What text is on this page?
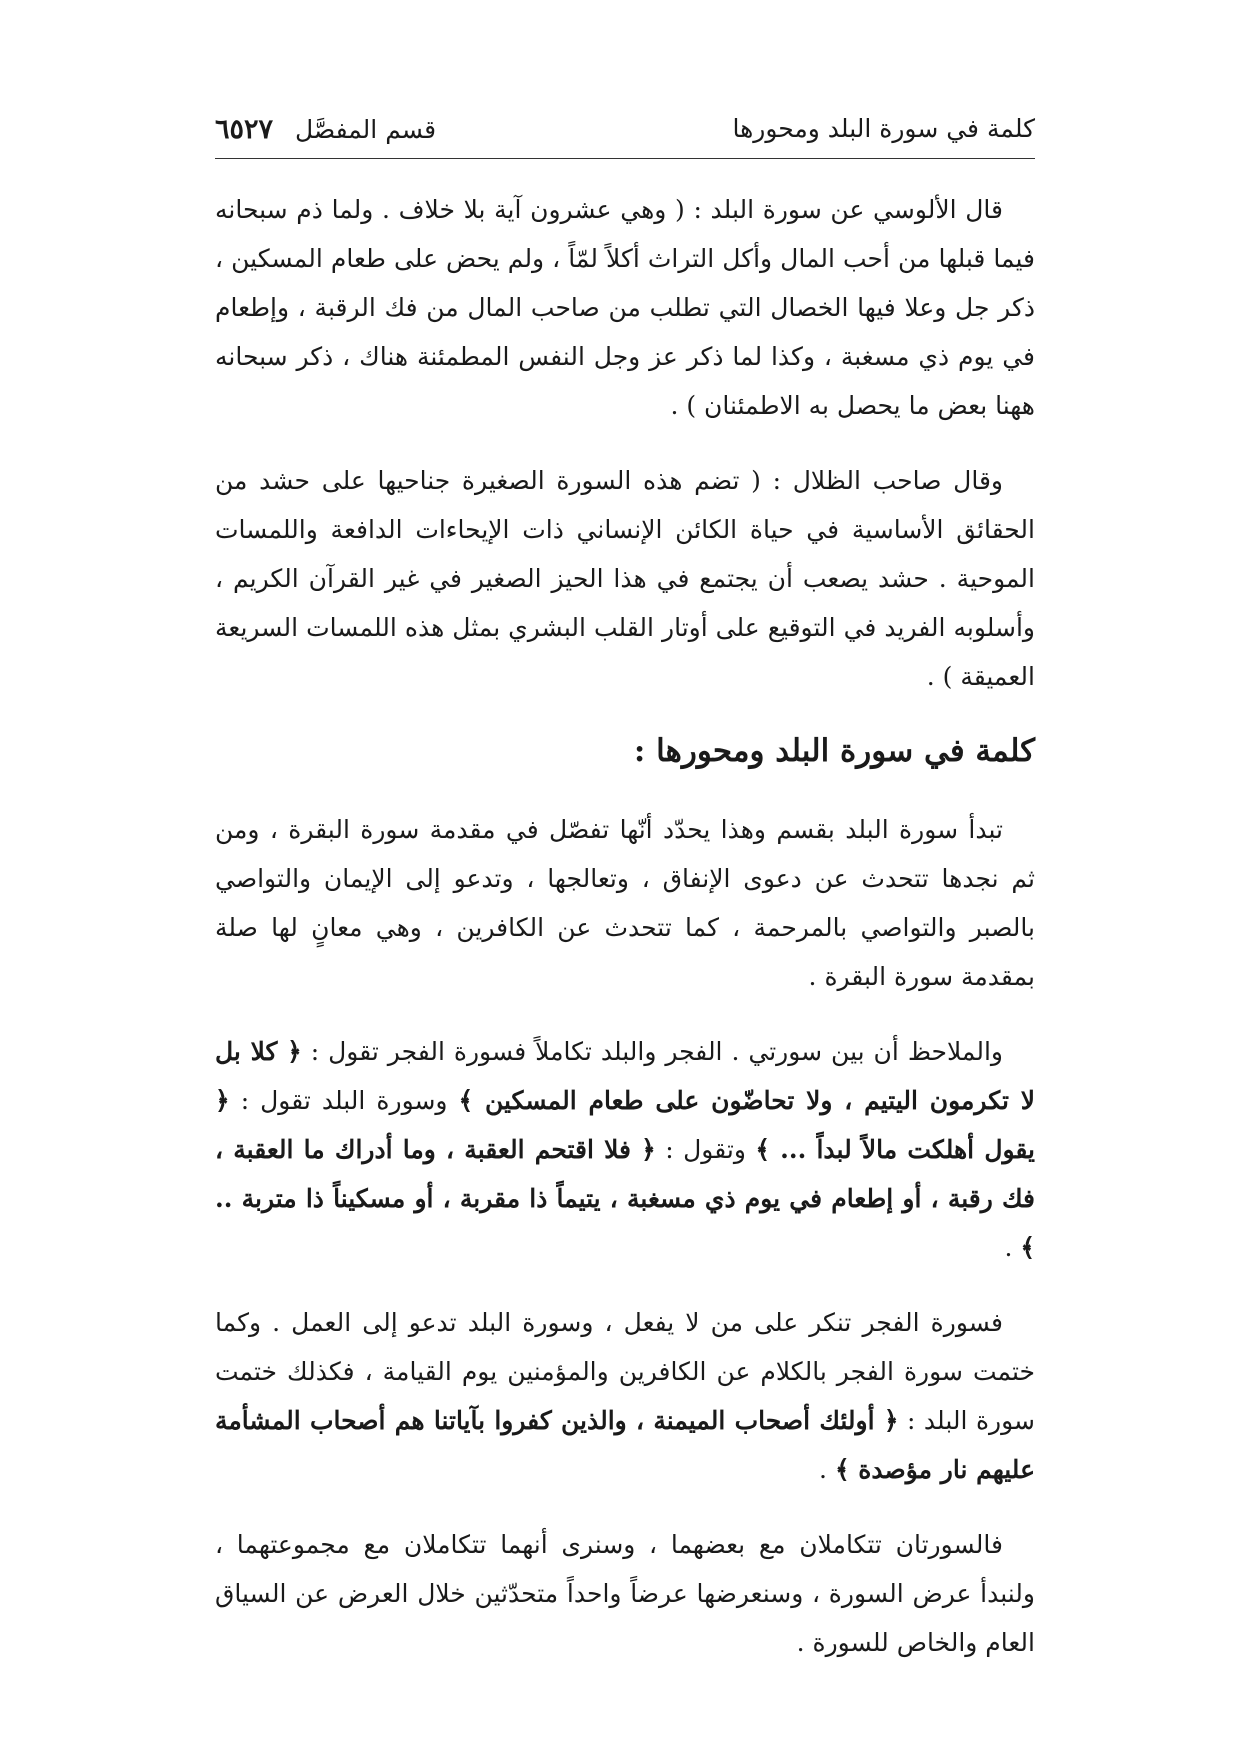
كلمة في سورة البلد ومحورها
قسم المفصَّل ٦٥٢٧

قال الألوسي عن سورة البلد : ( وهي عشرون آية بلا خلاف . ولما ذم سبحانه فيما قبلها من أحب المال وأكل التراث أكلاً لمّاً ، ولم يحض على طعام المسكين ، ذكر جل وعلا فيها الخصال التي تطلب من صاحب المال من فك الرقبة ، وإطعام في يوم ذي مسغبة ، وكذا لما ذكر عز وجل النفس المطمئنة هناك ، ذكر سبحانه ههنا بعض ما يحصل به الاطمئنان ) .

وقال صاحب الظلال : ( تضم هذه السورة الصغيرة جناحيها على حشد من الحقائق الأساسية في حياة الكائن الإنساني ذات الإيحاءات الدافعة واللمسات الموحية . حشد يصعب أن يجتمع في هذا الحيز الصغير في غير القرآن الكريم ، وأسلوبه الفريد في التوقيع على أوتار القلب البشري بمثل هذه اللمسات السريعة العميقة ) .

كلمة في سورة البلد ومحورها :

تبدأ سورة البلد بقسم وهذا يحدّد أنّها تفصّل في مقدمة سورة البقرة ، ومن ثم نجدها تتحدث عن دعوى الإنفاق ، وتعالجها ، وتدعو إلى الإيمان والتواصي بالصبر والتواصي بالمرحمة ، كما تتحدث عن الكافرين ، وهي معانٍ لها صلة بمقدمة سورة البقرة .

والملاحظ أن بين سورتي . الفجر والبلد تكاملاً فسورة الفجر تقول : ﴿ كلا بل لا تكرمون اليتيم ، ولا تحاضّون على طعام المسكين ﴾ وسورة البلد تقول : ﴿ يقول أهلكت مالاً لبداً ... ﴾ وتقول : ﴿ فلا اقتحم العقبة ، وما أدراك ما العقبة ، فك رقبة ، أو إطعام في يوم ذي مسغبة ، يتيماً ذا مقربة ، أو مسكيناً ذا متربة .. ﴾ .

فسورة الفجر تنكر على من لا يفعل ، وسورة البلد تدعو إلى العمل . وكما ختمت سورة الفجر بالكلام عن الكافرين والمؤمنين يوم القيامة ، فكذلك ختمت سورة البلد : ﴿ أولئك أصحاب الميمنة ، والذين كفروا بآياتنا هم أصحاب المشأمة عليهم نار مؤصدة ﴾ .

فالسورتان تتكاملان مع بعضهما ، وسنرى أنهما تتكاملان مع مجموعتهما ، ولنبدأ عرض السورة ، وسنعرضها عرضاً واحداً متحدّثين خلال العرض عن السياق العام والخاص للسورة .
